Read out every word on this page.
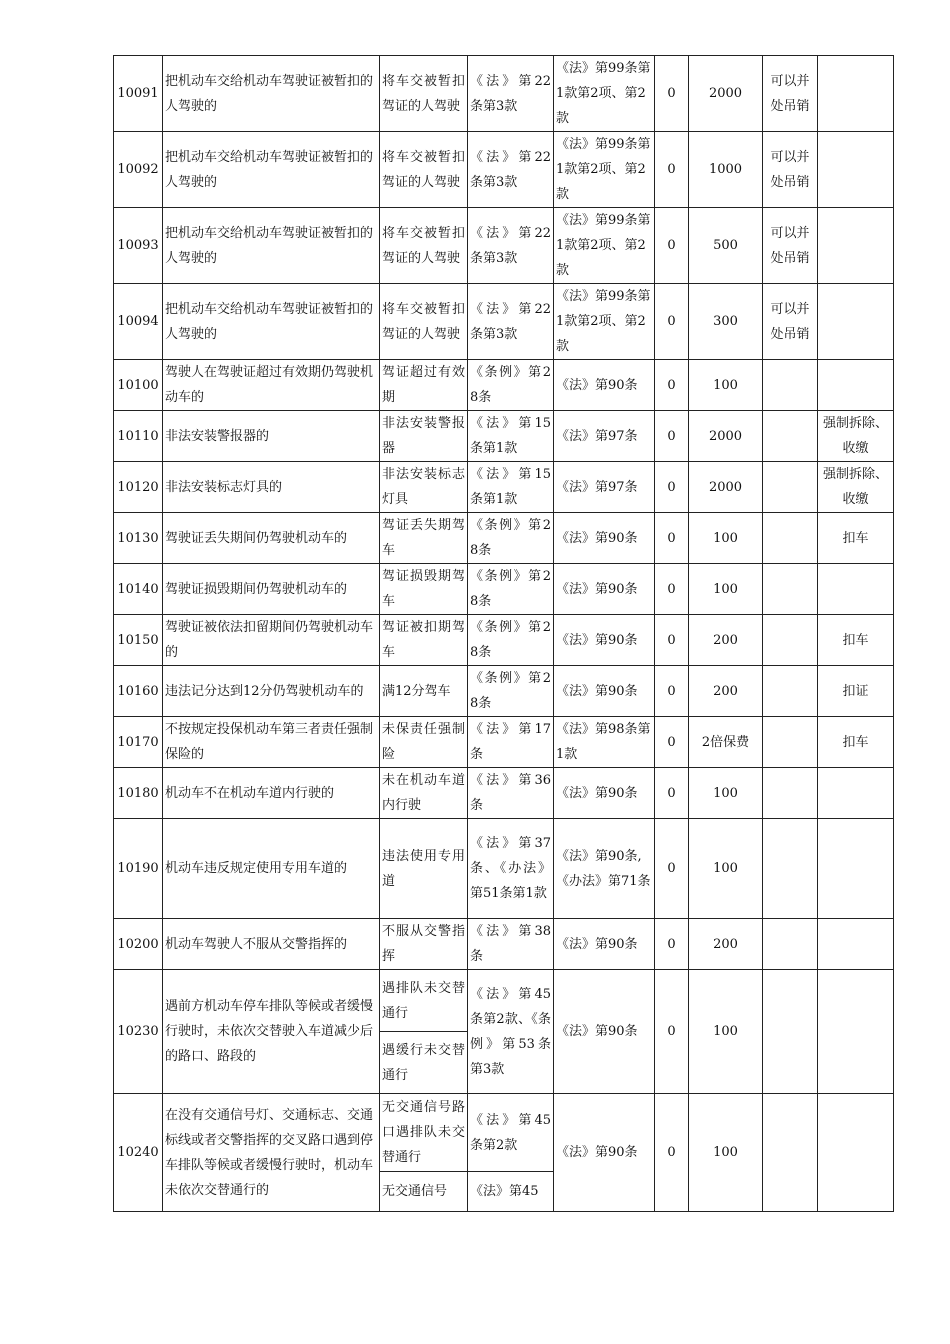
10091	把机动车交给机动车驾驶证被暂扣的人驾驶的	将车交被暂扣驾证的人驾驶	《法》第22条第3款	《法》第99条第1款第2项、第2款	0	2000	可以并处吊销	
10092	把机动车交给机动车驾驶证被暂扣的人驾驶的	将车交被暂扣驾证的人驾驶	《法》第22条第3款	《法》第99条第1款第2项、第2款	0	1000	可以并处吊销	
10093	把机动车交给机动车驾驶证被暂扣的人驾驶的	将车交被暂扣驾证的人驾驶	《法》第22条第3款	《法》第99条第1款第2项、第2款	0	500	可以并处吊销	
10094	把机动车交给机动车驾驶证被暂扣的人驾驶的	将车交被暂扣驾证的人驾驶	《法》第22条第3款	《法》第99条第1款第2项、第2款	0	300	可以并处吊销	
10100	驾驶人在驾驶证超过有效期仍驾驶机动车的	驾证超过有效期	《条例》第28条	《法》第90条	0	100		
10110	非法安装警报器的	非法安装警报器	《法》第15条第1款	《法》第97条	0	2000		强制拆除、收缴
10120	非法安装标志灯具的	非法安装标志灯具	《法》第15条第1款	《法》第97条	0	2000		强制拆除、收缴
10130	驾驶证丢失期间仍驾驶机动车的	驾证丢失期驾车	《条例》第28条	《法》第90条	0	100		扣车
10140	驾驶证损毁期间仍驾驶机动车的	驾证损毁期驾车	《条例》第28条	《法》第90条	0	100		
10150	驾驶证被依法扣留期间仍驾驶机动车的	驾证被扣期驾车	《条例》第28条	《法》第90条	0	200		扣车
10160	违法记分达到12分仍驾驶机动车的	满12分驾车	《条例》第28条	《法》第90条	0	200		扣证
10170	不按规定投保机动车第三者责任强制保险的	未保责任强制险	《法》第17条	《法》第98条第1款	0	2倍保费		扣车
10180	机动车不在机动车道内行驶的	未在机动车道内行驶	《法》第36条	《法》第90条	0	100		
10190	机动车违反规定使用专用车道的	违法使用专用道	《法》第37条、《办法》第51条第1款	《法》第90条,《办法》第71条	0	100		
10200	机动车驾驶人不服从交警指挥的	不服从交警指挥	《法》第38条	《法》第90条	0	200		
10230	遇前方机动车停车排队等候或者缓慢行驶时，未依次交替驶入车道减少后的路口、路段的	遇排队未交替通行	《法》第45条第2款、《条例》第53条第3款	《法》第90条	0	100		
		遇缓行未交替通行						
10240	在没有交通信号灯、交通标志、交通标线或者交警指挥的交叉路口遇到停车排队等候或者缓慢行驶时，机动车未依次交替通行的	无交通信号路口遇排队未交替通行	《法》第45条第2款	《法》第90条	0	100		
		无交通信号	《法》第45					
